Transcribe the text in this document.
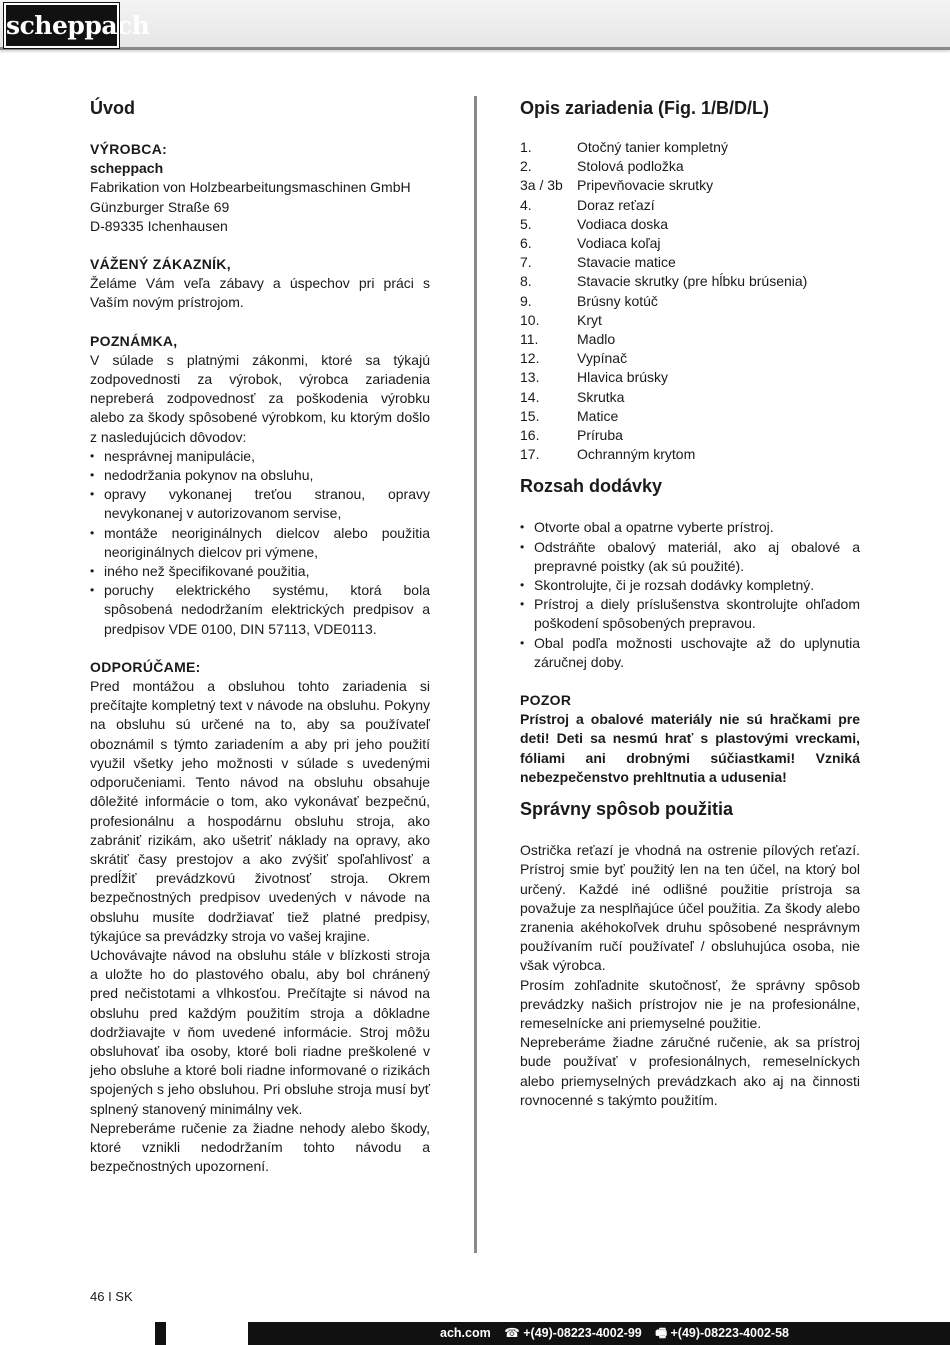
scheppach
Úvod
VÝROBCA:
scheppach
Fabrikation von Holzbearbeitungsmaschinen GmbH
Günzburger Straße 69
D-89335 Ichenhausen
VÁŽENÝ ZÁKAZNÍK,

Želáme Vám veľa zábavy a úspechov pri práci s Vaším novým prístrojom.

POZNÁMKA,

V súlade s platnými zákonmi, ktoré sa týkajú zodpovednosti za výrobok, výrobca zariadenia nepreberá zodpovednosť za poškodenia výrobku alebo za škody spôsobené výrobkom, ku ktorým došlo z nasledujúcich dôvodov:

• nesprávnej manipulácie,
• nedodržania pokynov na obsluhu,
• opravy vykonanej treťou stranou, opravy nevykonanej v autorizovanom servise,
• montáže neoriginálnych dielcov alebo použitia neoriginálnych dielcov pri výmene,
• iného než špecifikované použitia,
• poruchy elektrického systému, ktorá bola spôsobená nedodržaním elektrických predpisov a predpisov VDE 0100, DIN 57113, VDE0113.
ODPORÚČAME:

Pred montážou a obsluhou tohto zariadenia si prečítajte kompletný text v návode na obsluhu. Pokyny na obsluhu sú určené na to, aby sa používateľ oboznámil s týmto zariadením a aby pri jeho použití využil všetky jeho možnosti v súlade s uvedenými odporučeniami. Tento návod na obsluhu obsahuje dôležité informácie o tom, ako vykonávať bezpečnú, profesionálnu a hospodárnu obsluhu stroja, ako zabrániť rizikám, ako ušetriť náklady na opravy, ako skrátiť časy prestojov a ako zvýšiť spoľahlivosť a predĺžiť prevádzkovú životnosť stroja. Okrem bezpečnostných predpisov uvedených v návode na obsluhu musíte dodržiavať tiež platné predpisy, týkajúce sa prevádzky stroja vo vašej krajine.

Uchovávajte návod na obsluhu stále v blízkosti stroja a uložte ho do plastového obalu, aby bol chránený pred nečistotami a vlhkosťou. Prečítajte si návod na obsluhu pred každým použitím stroja a dôkladne dodržiavajte v ňom uvedené informácie. Stroj môžu obsluhovať iba osoby, ktoré boli riadne preškolené v jeho obsluhe a ktoré boli riadne informované o rizikách spojených s jeho obsluhou. Pri obsluhe stroja musí byť splnený stanovený minimálny vek.

Nepreberáme ručenie za žiadne nehody alebo škody, ktoré vznikli nedodržaním tohto návodu a bezpečnostných upozornení.

Opis zariadenia (Fig. 1/B/D/L)
1.	Otočný tanier kompletný
2.	Stolová podložka
3a / 3b	Pripevňovacie skrutky
4.	Doraz reťazí
5.	Vodiaca doska
6.	Vodiaca koľaj
7.	Stavacie matice
8.	Stavacie skrutky (pre hĺbku brúsenia)
9.	Brúsny kotúč
10.	Kryt
11.	Madlo
12.	Vypínač
13.	Hlavica brúsky
14.	Skrutka
15.	Matice
16.	Príruba
17.	Ochranným krytom
Rozsah dodávky
• Otvorte obal a opatrne vyberte prístroj.
• Odstráňte obalový materiál, ako aj obalové a prepravné poistky (ak sú použité).
• Skontrolujte, či je rozsah dodávky kompletný.
• Prístroj a diely príslušenstva skontrolujte ohľadom poškodení spôsobených prepravou.
• Obal podľa možnosti uschovajte až do uplynutia záručnej doby.
POZOR

Prístroj a obalové materiály nie sú hračkami pre deti! Deti sa nesmú hrať s plastovými vreckami, fóliami ani drobnými súčiastkami! Vzniká nebezpečenstvo prehltnutia a udusenia!

Správny spôsob použitia

Ostrička reťazí je vhodná na ostrenie pílových reťazí. Prístroj smie byť použitý len na ten účel, na ktorý bol určený. Každé iné odlišné použitie prístroja sa považuje za nesplňajúce účel použitia. Za škody alebo zranenia akéhokoľvek druhu spôsobené nesprávnym používaním ručí používateľ / obsluhujúca osoba, nie však výrobca.

Prosím zohľadnite skutočnosť, že správny spôsob prevádzky našich prístrojov nie je na profesionálne, remeselnícke ani priemyselné použitie.

Nepreberáme žiadne záručné ručenie, ak sa prístroj bude používať v profesionálnych, remeselníckych alebo priemyselných prevádzkach ako aj na činnosti rovnocenné s takýmto použitím.

46 I SK
ach.com ☎ +(49)-08223-4002-99 🖷 +(49)-08223-4002-58
